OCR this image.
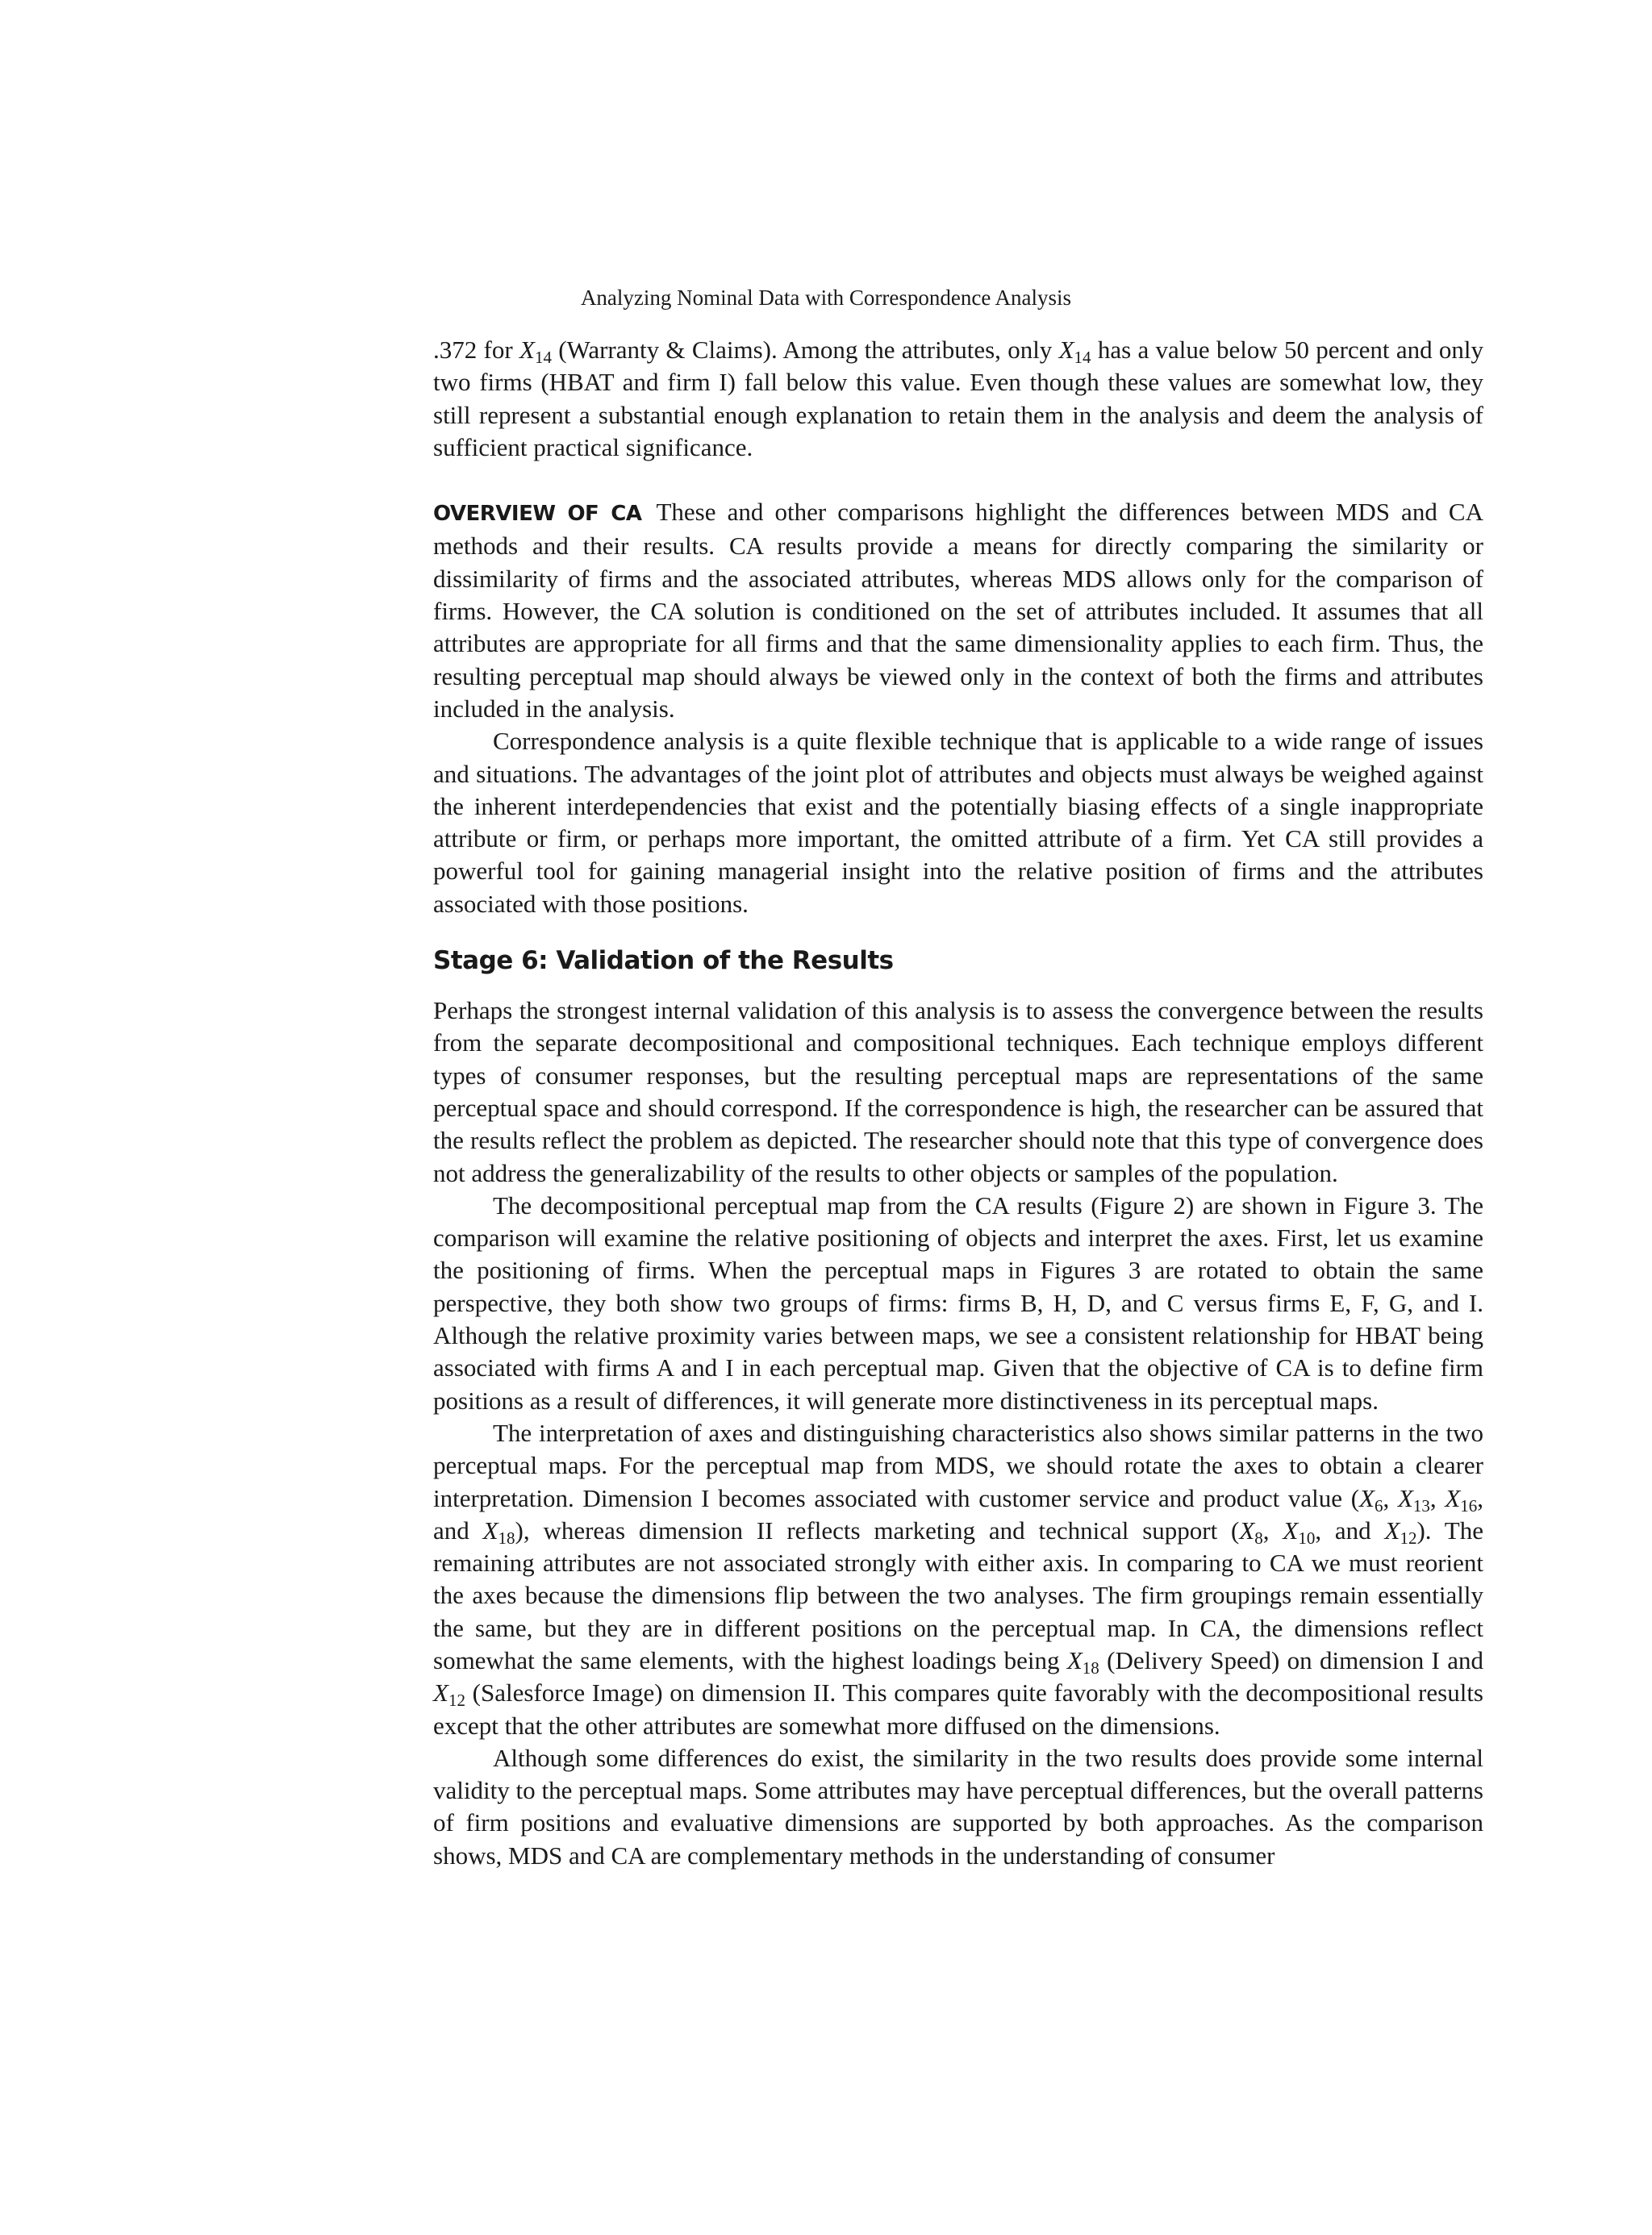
Analyzing Nominal Data with Correspondence Analysis

.372 for $X_{14}$ (Warranty & Claims). Among the attributes, only $X_{14}$ has a value below 50 percent and only two firms (HBAT and firm I) fall below this value. Even though these values are somewhat low, they still represent a substantial enough explanation to retain them in the analysis and deem the analysis of sufficient practical significance.

OVERVIEW OF CA These and other comparisons highlight the differences between MDS and CA methods and their results. CA results provide a means for directly comparing the similarity or dissimilarity of firms and the associated attributes, whereas MDS allows only for the comparison of firms. However, the CA solution is conditioned on the set of attributes included. It assumes that all attributes are appropriate for all firms and that the same dimensionality applies to each firm. Thus, the resulting perceptual map should always be viewed only in the context of both the firms and attributes included in the analysis.

Correspondence analysis is a quite flexible technique that is applicable to a wide range of issues and situations. The advantages of the joint plot of attributes and objects must always be weighed against the inherent interdependencies that exist and the potentially biasing effects of a single inappropriate attribute or firm, or perhaps more important, the omitted attribute of a firm. Yet CA still provides a powerful tool for gaining managerial insight into the relative position of firms and the attributes associated with those positions.

Stage 6: Validation of the Results

Perhaps the strongest internal validation of this analysis is to assess the convergence between the results from the separate decompositional and compositional techniques. Each technique employs different types of consumer responses, but the resulting perceptual maps are representations of the same perceptual space and should correspond. If the correspondence is high, the researcher can be assured that the results reflect the problem as depicted. The researcher should note that this type of convergence does not address the generalizability of the results to other objects or samples of the population.

The decompositional perceptual map from the CA results (Figure 2) are shown in Figure 3. The comparison will examine the relative positioning of objects and interpret the axes. First, let us examine the positioning of firms. When the perceptual maps in Figures 3 are rotated to obtain the same perspective, they both show two groups of firms: firms B, H, D, and C versus firms E, F, G, and I. Although the relative proximity varies between maps, we see a consistent relationship for HBAT being associated with firms A and I in each perceptual map. Given that the objective of CA is to define firm positions as a result of differences, it will generate more distinctiveness in its perceptual maps.

The interpretation of axes and distinguishing characteristics also shows similar patterns in the two perceptual maps. For the perceptual map from MDS, we should rotate the axes to obtain a clearer interpretation. Dimension I becomes associated with customer service and product value ($X_6$, $X_{13}$, $X_{16}$, and $X_{18}$), whereas dimension II reflects marketing and technical support ($X_8$, $X_{10}$, and $X_{12}$). The remaining attributes are not associated strongly with either axis. In comparing to CA we must reorient the axes because the dimensions flip between the two analyses. The firm groupings remain essentially the same, but they are in different positions on the perceptual map. In CA, the dimensions reflect somewhat the same elements, with the highest loadings being $X_{18}$ (Delivery Speed) on dimension I and $X_{12}$ (Salesforce Image) on dimension II. This compares quite favorably with the decompositional results except that the other attributes are somewhat more diffused on the dimensions.

Although some differences do exist, the similarity in the two results does provide some internal validity to the perceptual maps. Some attributes may have perceptual differences, but the overall patterns of firm positions and evaluative dimensions are supported by both approaches. As the comparison shows, MDS and CA are complementary methods in the understanding of consumer
